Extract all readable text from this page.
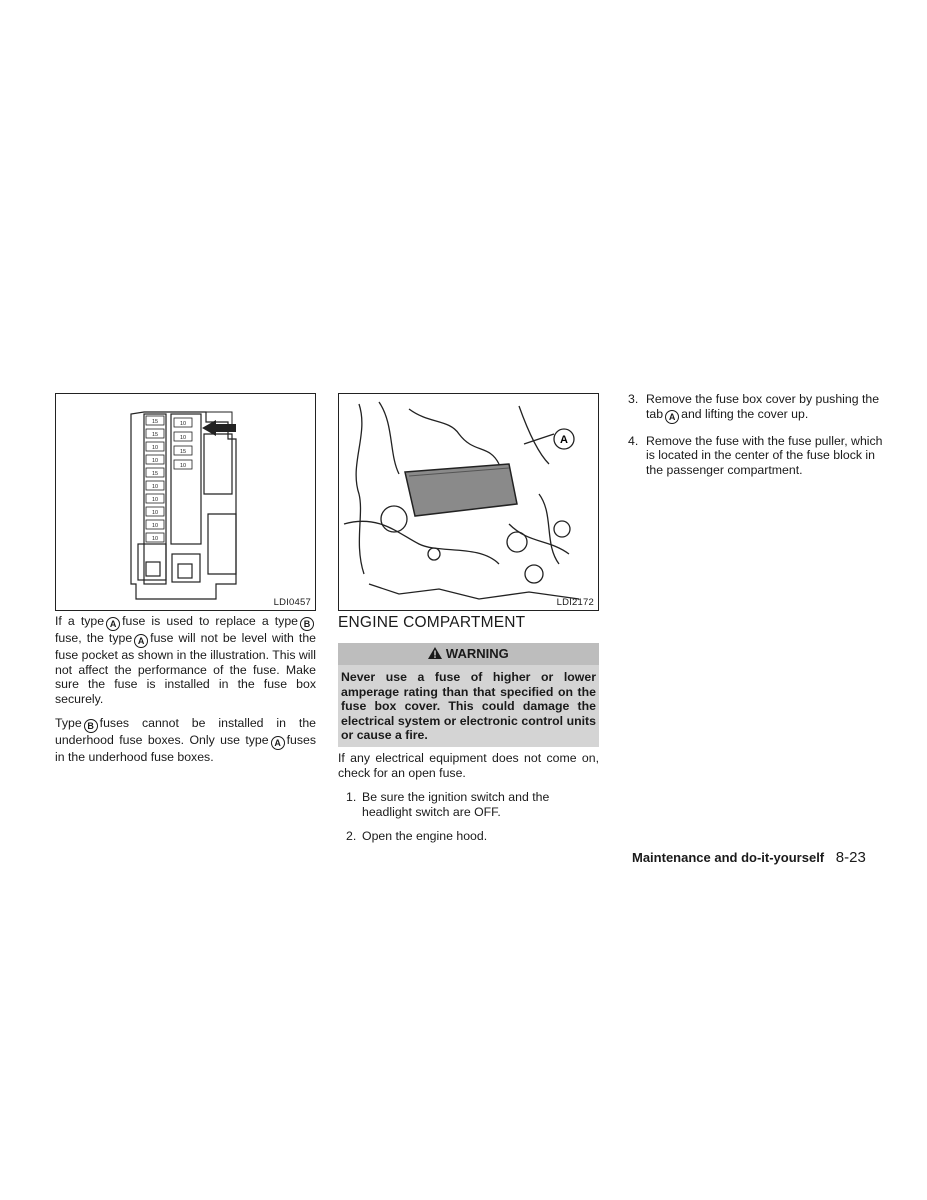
15
15
10
10
15
10
10
10
10
10
10
10
15
10
LDI0457
A
LDI2172

If a type A fuse is used to replace a type Bfuse, the type A fuse will not be level with the fuse pocket as shown in the illustration. This will not affect the performance of the fuse. Make sure the fuse is installed in the fuse box securely.

Type B fuses cannot be installed in the underhood fuse boxes. Only use type A fuses in the underhood fuse boxes.

ENGINE COMPARTMENT
WARNING
Never use a fuse of higher or lower amperage rating than that specified on the fuse box cover. This could damage the electrical system or electronic control units or cause a fire.

If any electrical equipment does not come on, check for an open fuse.

1. Be sure the ignition switch and the headlight switch are OFF.
2. Open the engine hood.
3. Remove the fuse box cover by pushing the tab A and lifting the cover up.
4. Remove the fuse with the fuse puller, which is located in the center of the fuse block in the passenger compartment.
Maintenance and do-it-yourself 8-23
